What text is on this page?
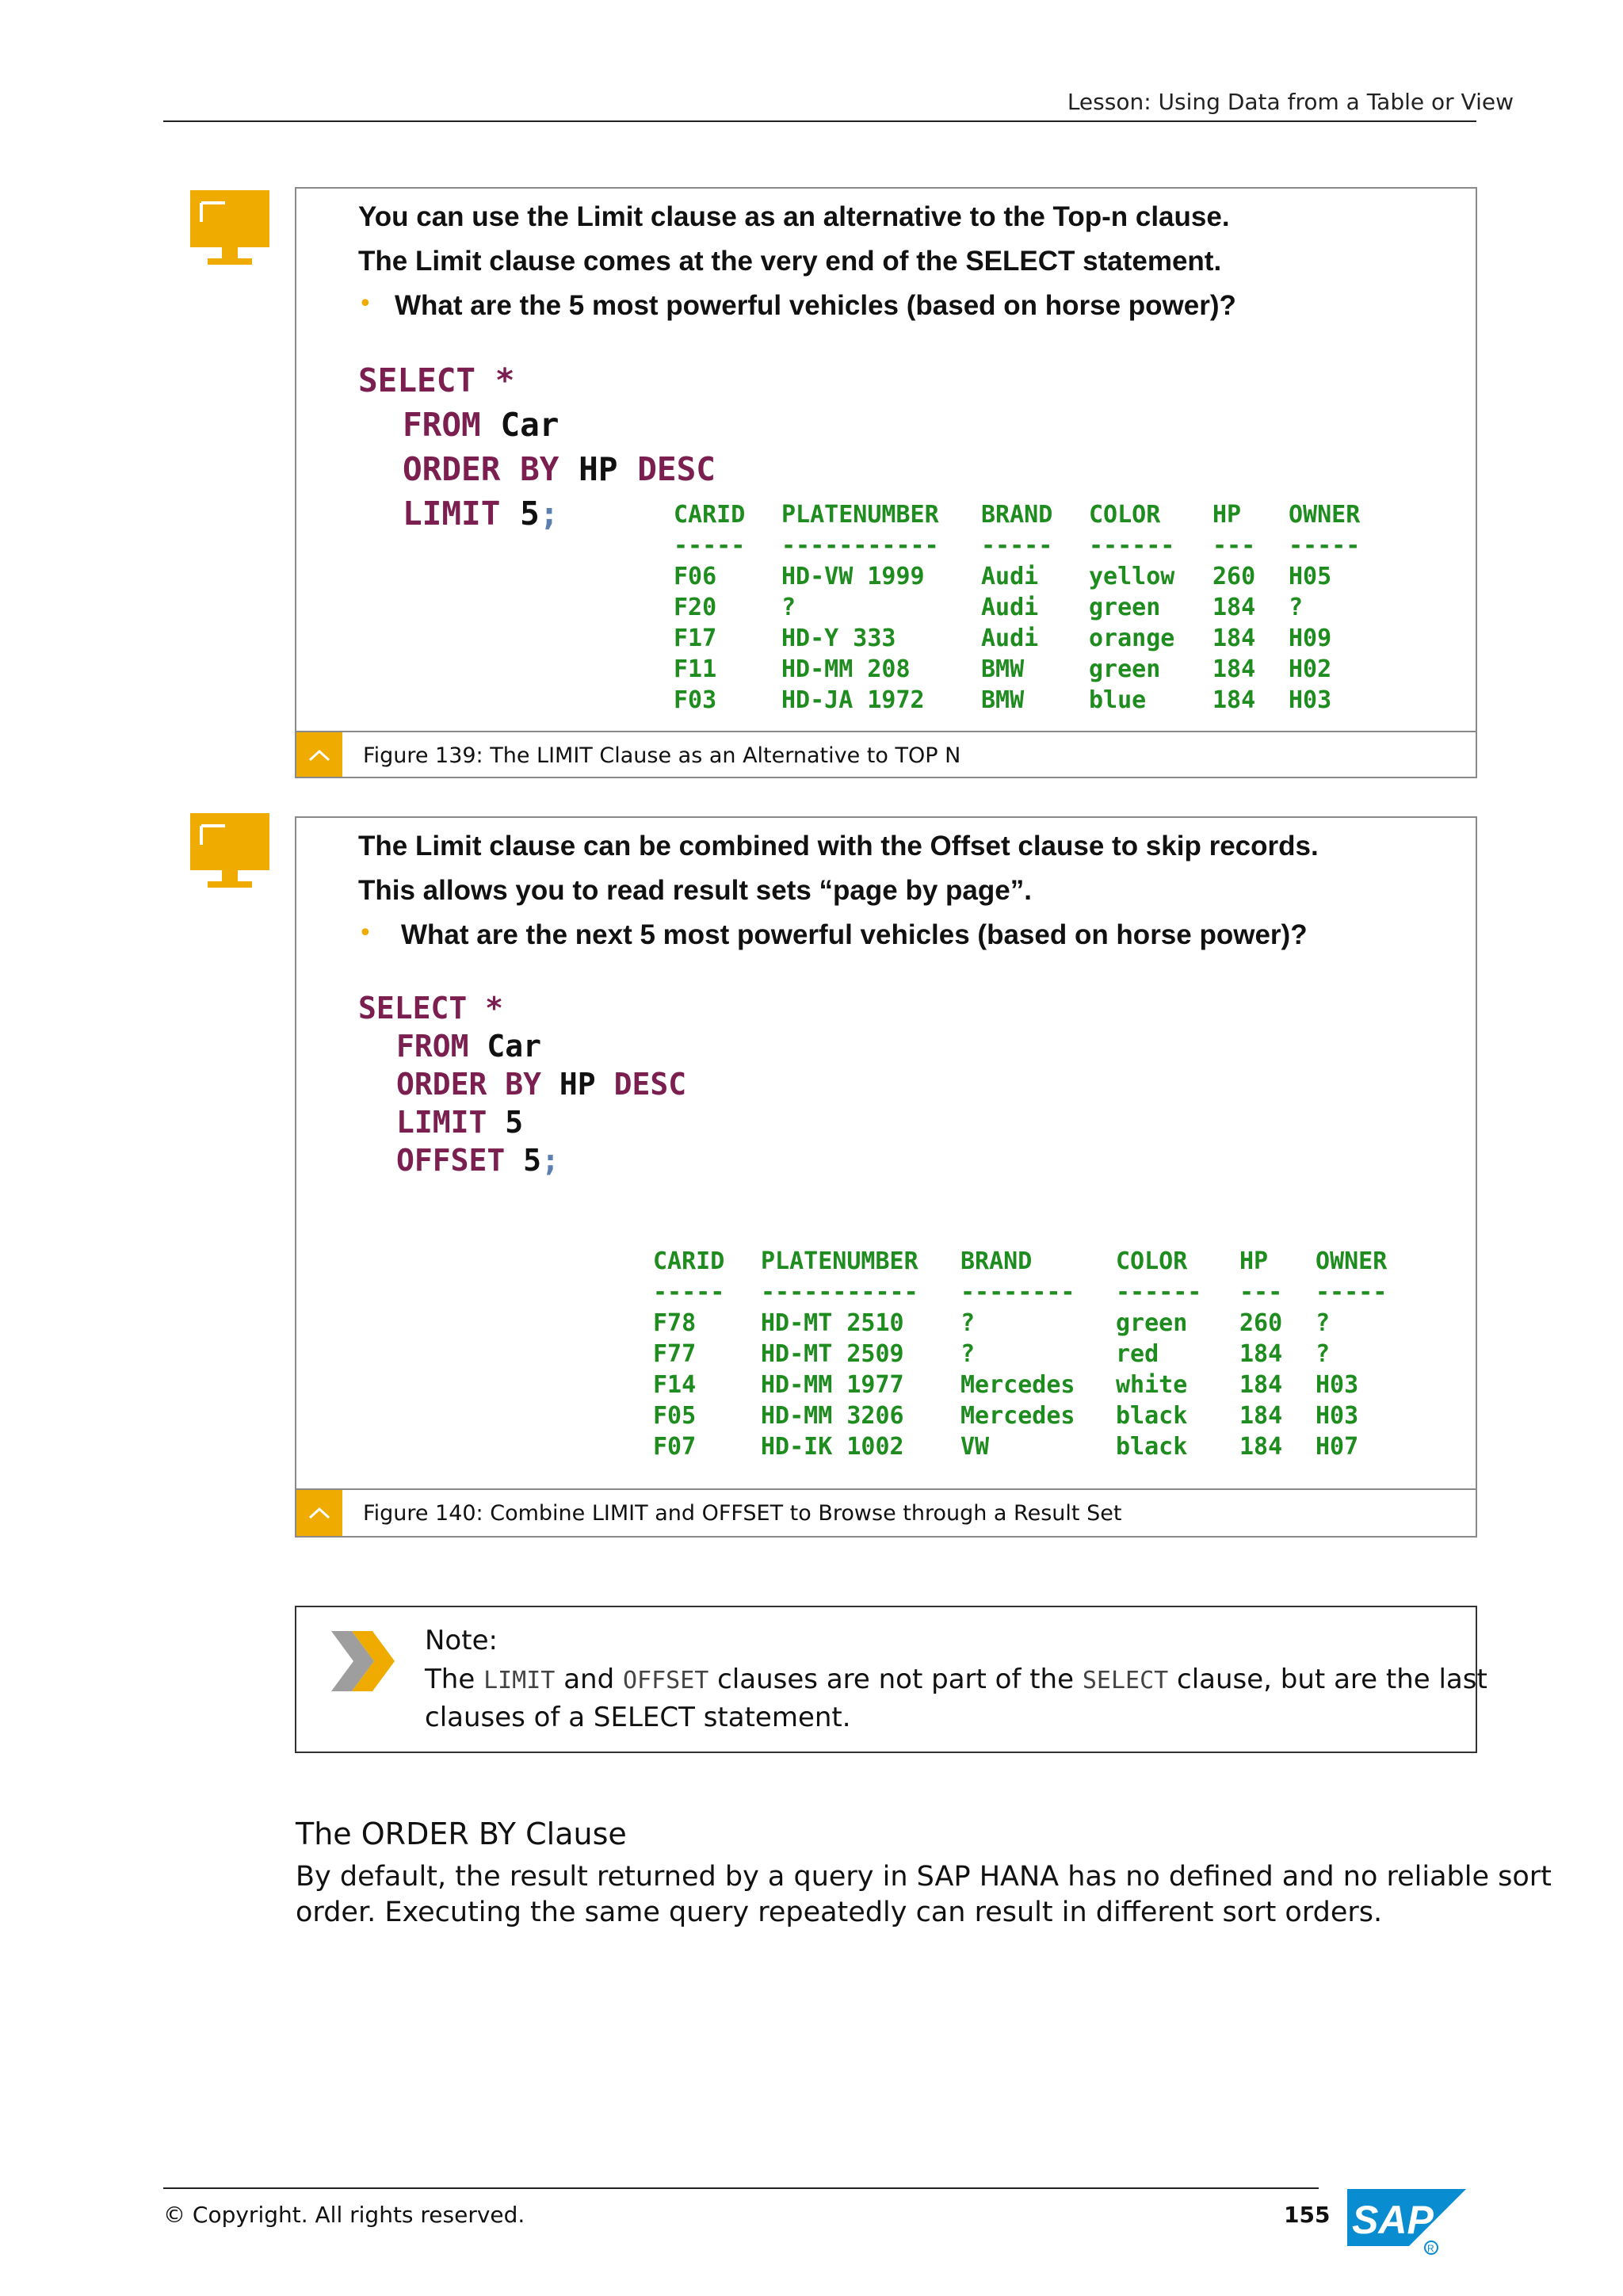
Lesson: Using Data from a Table or View
You can use the Limit clause as an alternative to the Top-n clause.
The Limit clause comes at the very end of the SELECT statement.
• What are the 5 most powerful vehicles (based on horse power)?
SELECT *
FROM Car
ORDER BY HP DESC
LIMIT 5;	CARID PLATENUMBER BRAND COLOR HP OWNER
----- ----------- ----- ------ --- -----
F06	HD-VW 1999 Audi yellow 260 H05
F20	?	Audi green 184 ?
F17	HD-Y 333	Audi orange 184 H09
F11	HD-MM 208	BMW	green 184 H02
F03	HD-JA 1972 BMW	blue	184 H03
Figure 139: The LIMIT Clause as an Alternative to TOP N
The Limit clause can be combined with the Offset clause to skip records.
This allows you to read result sets “page by page”.
• What are the next 5 most powerful vehicles (based on horse power)?
SELECT *
FROM Car
ORDER BY HP DESC
LIMIT 5
OFFSET 5;
CARID PLATENUMBER BRAND	COLOR HP OWNER
----- ----------- -------- ------ --- -----
F78	HD-MT 2510 ?	green 260 ?
F77	HD-MT 2509 ?	red	184 ?
F14	HD-MM 1977 Mercedes white 184 H03
F05	HD-MM 3206 Mercedes black 184 H03
F07	HD-IK 1002 VW	black 184 H07
Figure 140: Combine LIMIT and OFFSET to Browse through a Result Set
Note:
The LIMIT and OFFSET clauses are not part of the SELECT clause, but are the last
clauses of a SELECT statement.
The ORDER BY Clause
By default, the result returned by a query in SAP HANA has no defined and no reliable sort
order. Executing the same query repeatedly can result in different sort orders.
© Copyright. All rights reserved.	155 SAP
R
